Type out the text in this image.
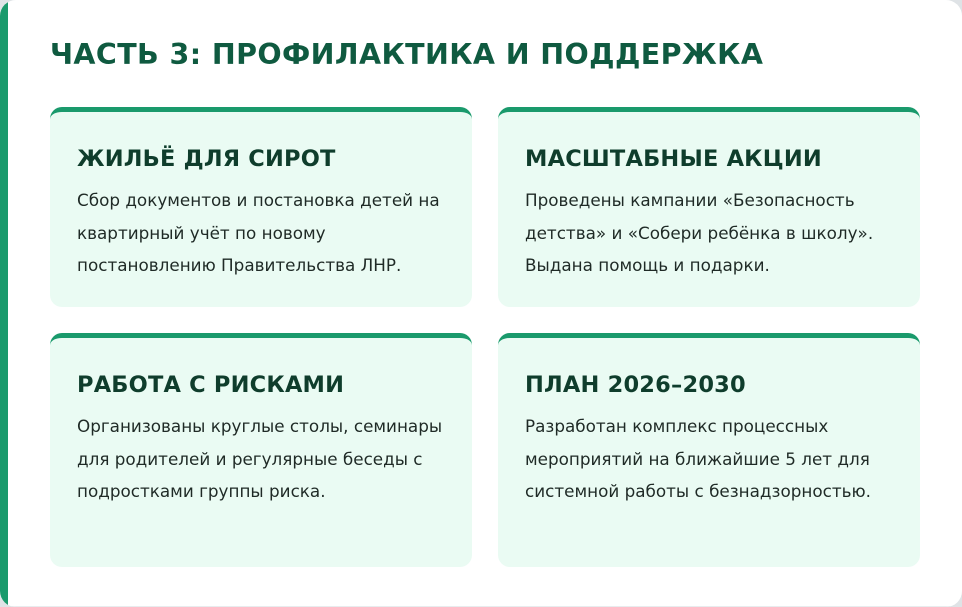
ЧАСТЬ 3: ПРОФИЛАКТИКА И ПОДДЕРЖКА
ЖИЛЬЁ ДЛЯ СИРОТ

Сбор документов и постановка детей на квартирный учёт по новому постановлению Правительства ЛНР.

МАСШТАБНЫЕ АКЦИИ

Проведены кампании «Безопасность детства» и «Собери ребёнка в школу». Выдана помощь и подарки.

РАБОТА С РИСКАМИ

Организованы круглые столы, семинары для родителей и регулярные беседы с подростками группы риска.

ПЛАН 2026–2030

Разработан комплекс процессных мероприятий на ближайшие 5 лет для системной работы с безнадзорностью.
